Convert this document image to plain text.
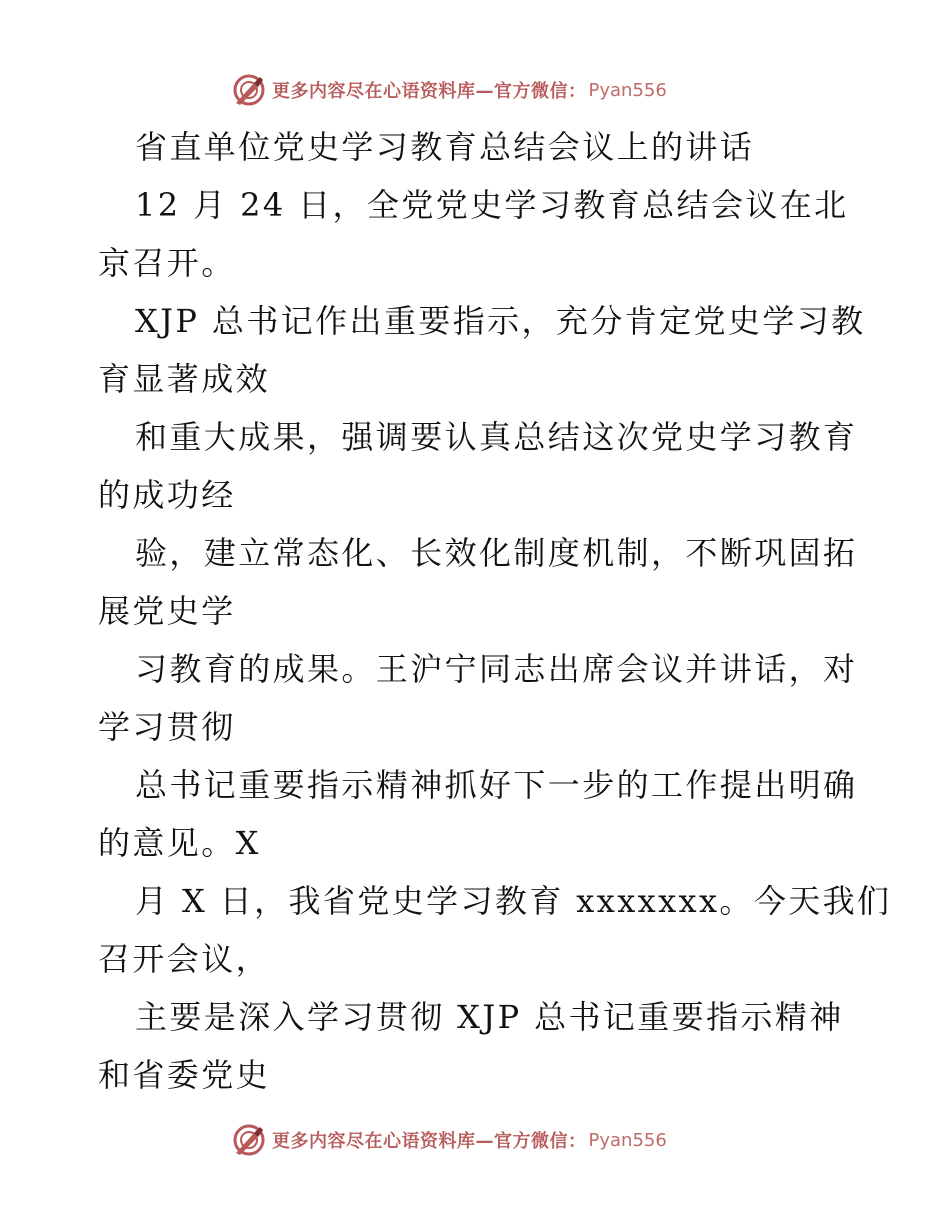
更多内容尽在心语资料库—官方微信： Pyan556
省直单位党史学习教育总结会议上的讲话
12 月 24 日，全党党史学习教育总结会议在北
京召开。
XJP 总书记作出重要指示，充分肯定党史学习教
育显著成效
和重大成果，强调要认真总结这次党史学习教育
的成功经
验，建立常态化、长效化制度机制，不断巩固拓
展党史学
习教育的成果。王沪宁同志出席会议并讲话，对
学习贯彻
总书记重要指示精神抓好下一步的工作提出明确
的意见。X
月 X 日，我省党史学习教育 xxxxxxx。今天我们
召开会议，
主要是深入学习贯彻 XJP 总书记重要指示精神
和省委党史
更多内容尽在心语资料库—官方微信： Pyan556
